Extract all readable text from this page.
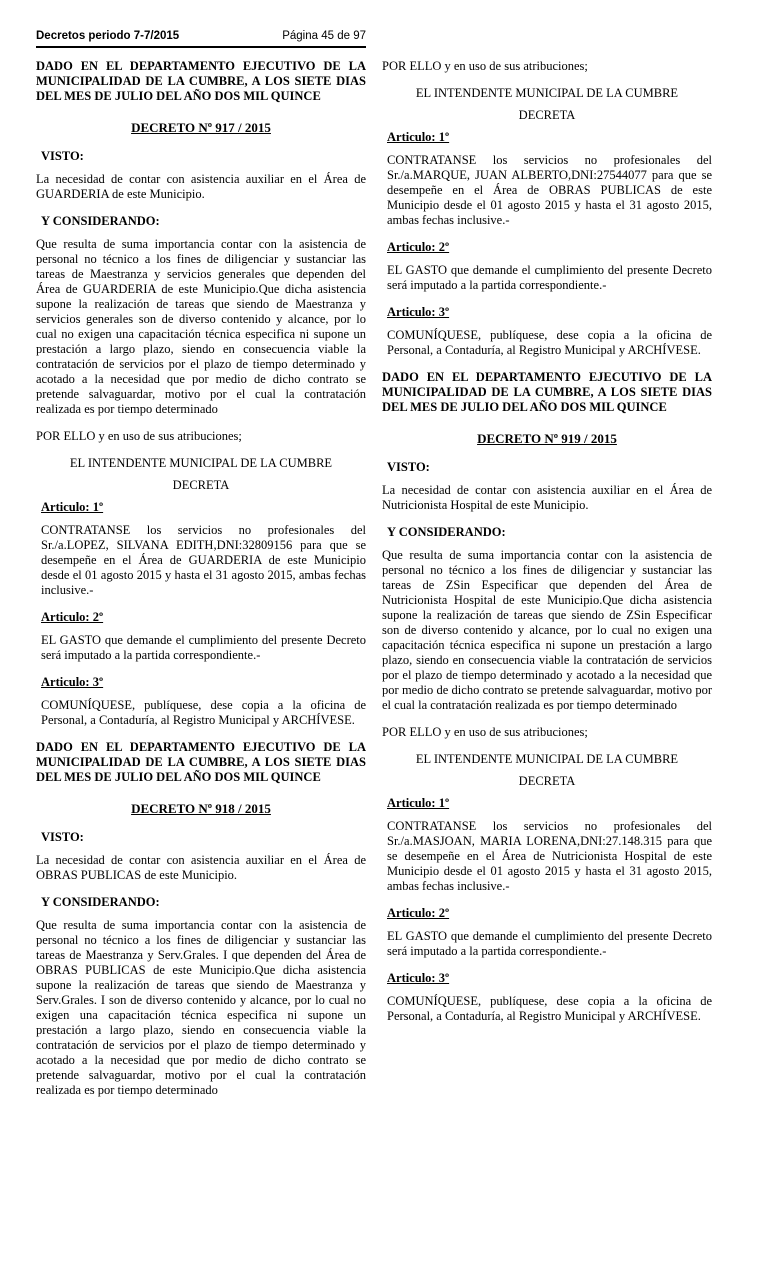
Decretos periodo 7-7/2015	Página 45 de 97
DADO EN EL DEPARTAMENTO EJECUTIVO DE LA MUNICIPALIDAD DE LA CUMBRE, A LOS SIETE DIAS DEL MES DE JULIO DEL AÑO DOS MIL QUINCE
DECRETO Nº 917 / 2015
VISTO:
La necesidad de contar con asistencia auxiliar en el Área de GUARDERIA de este Municipio.
Y CONSIDERANDO:
Que resulta de suma importancia contar con la asistencia de personal no técnico a los fines de diligenciar y sustanciar las tareas de Maestranza y servicios generales que dependen del Área de GUARDERIA de este Municipio.Que dicha asistencia supone la realización de tareas que siendo de Maestranza y servicios generales son de diverso contenido y alcance, por lo cual no exigen una capacitación técnica especifica ni supone un prestación a largo plazo, siendo en consecuencia viable la contratación de servicios por el plazo de tiempo determinado y acotado a la necesidad que por medio de dicho contrato se pretende salvaguardar, motivo por el cual la contratación realizada es por tiempo determinado
POR ELLO y en uso de sus atribuciones;
EL INTENDENTE MUNICIPAL DE LA CUMBRE
DECRETA
Articulo: 1º
CONTRATANSE los servicios no profesionales del Sr./a.LOPEZ, SILVANA EDITH,DNI:32809156 para que se desempeñe en el Área de GUARDERIA de este Municipio desde el 01 agosto 2015 y hasta el 31 agosto 2015, ambas fechas inclusive.-
Articulo: 2º
EL GASTO que demande el cumplimiento del presente Decreto será imputado a la partida correspondiente.-
Articulo: 3º
COMUNÍQUESE, publíquese, dese copia a la oficina de Personal, a Contaduría, al Registro Municipal y ARCHÍVESE.
DADO EN EL DEPARTAMENTO EJECUTIVO DE LA MUNICIPALIDAD DE LA CUMBRE, A LOS SIETE DIAS DEL MES DE JULIO DEL AÑO DOS MIL QUINCE
DECRETO Nº 918 / 2015
VISTO:
La necesidad de contar con asistencia auxiliar en el Área de OBRAS PUBLICAS de este Municipio.
Y CONSIDERANDO:
Que resulta de suma importancia contar con la asistencia de personal no técnico a los fines de diligenciar y sustanciar las tareas de Maestranza y Serv.Grales. I que dependen del Área de OBRAS PUBLICAS de este Municipio.Que dicha asistencia supone la realización de tareas que siendo de Maestranza y Serv.Grales. I son de diverso contenido y alcance, por lo cual no exigen una capacitación técnica especifica ni supone un prestación a largo plazo, siendo en consecuencia viable la contratación de servicios por el plazo de tiempo determinado y acotado a la necesidad que por medio de dicho contrato se pretende salvaguardar, motivo por el cual la contratación realizada es por tiempo determinado
POR ELLO y en uso de sus atribuciones;
EL INTENDENTE MUNICIPAL DE LA CUMBRE
DECRETA
Articulo: 1º
CONTRATANSE los servicios no profesionales del Sr./a.MARQUE, JUAN ALBERTO,DNI:27544077 para que se desempeñe en el Área de OBRAS PUBLICAS de este Municipio desde el 01 agosto 2015 y hasta el 31 agosto 2015, ambas fechas inclusive.-
Articulo: 2º
EL GASTO que demande el cumplimiento del presente Decreto será imputado a la partida correspondiente.-
Articulo: 3º
COMUNÍQUESE, publíquese, dese copia a la oficina de Personal, a Contaduría, al Registro Municipal y ARCHÍVESE.
DADO EN EL DEPARTAMENTO EJECUTIVO DE LA MUNICIPALIDAD DE LA CUMBRE, A LOS SIETE DIAS DEL MES DE JULIO DEL AÑO DOS MIL QUINCE
DECRETO Nº 919 / 2015
VISTO:
La necesidad de contar con asistencia auxiliar en el Área de Nutricionista Hospital de este Municipio.
Y CONSIDERANDO:
Que resulta de suma importancia contar con la asistencia de personal no técnico a los fines de diligenciar y sustanciar las tareas de ZSin Especificar que dependen del Área de Nutricionista Hospital de este Municipio.Que dicha asistencia supone la realización de tareas que siendo de ZSin Especificar son de diverso contenido y alcance, por lo cual no exigen una capacitación técnica especifica ni supone un prestación a largo plazo, siendo en consecuencia viable la contratación de servicios por el plazo de tiempo determinado y acotado a la necesidad que por medio de dicho contrato se pretende salvaguardar, motivo por el cual la contratación realizada es por tiempo determinado
POR ELLO y en uso de sus atribuciones;
EL INTENDENTE MUNICIPAL DE LA CUMBRE
DECRETA
Articulo: 1º
CONTRATANSE los servicios no profesionales del Sr./a.MASJOAN, MARIA LORENA,DNI:27.148.315 para que se desempeñe en el Área de Nutricionista Hospital de este Municipio desde el 01 agosto 2015 y hasta el 31 agosto 2015, ambas fechas inclusive.-
Articulo: 2º
EL GASTO que demande el cumplimiento del presente Decreto será imputado a la partida correspondiente.-
Articulo: 3º
COMUNÍQUESE, publíquese, dese copia a la oficina de Personal, a Contaduría, al Registro Municipal y ARCHÍVESE.
